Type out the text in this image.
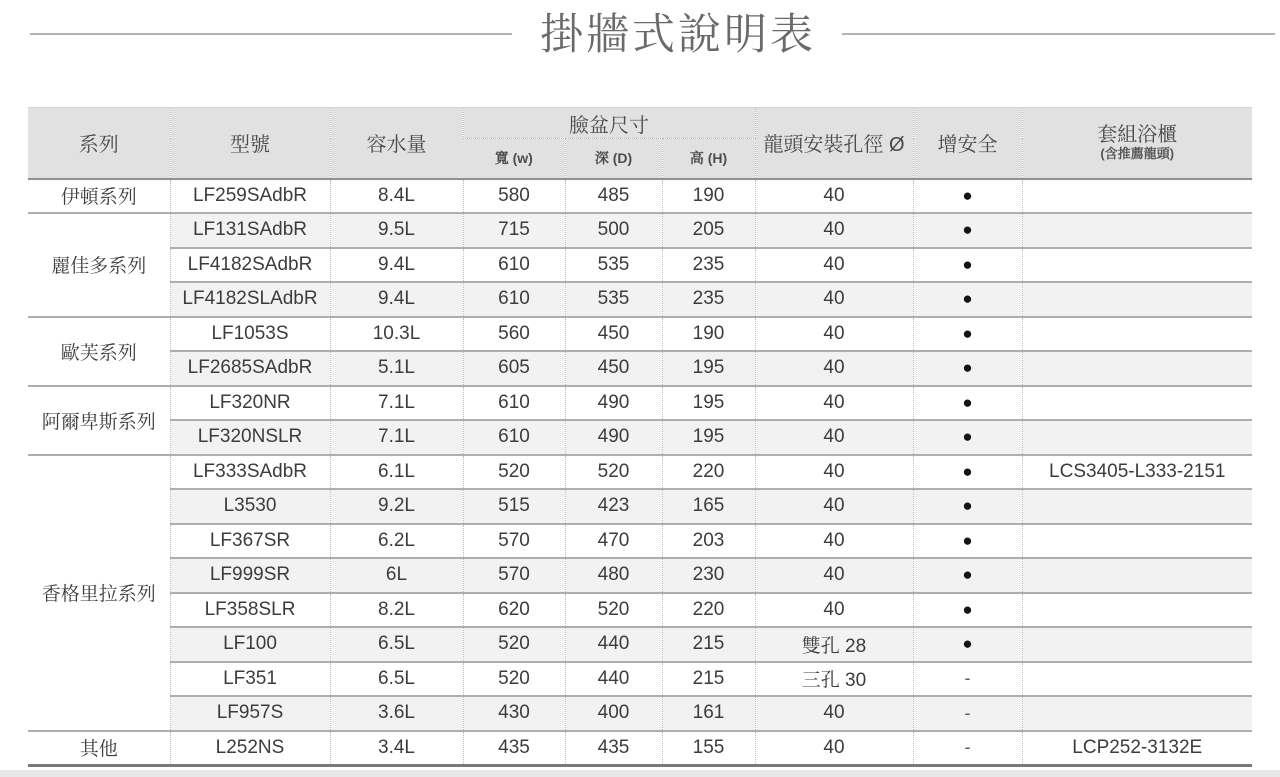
掛牆式說明表
系列	型號	容水量	臉盆尺寸			龍頭安裝孔徑 Ø	增安全	套組浴櫃
(含推薦龍頭)

			寬 (w)	深 (D)	高 (H)			
伊頓系列	LF259SAdbR	8.4L	580	485	190	40	●	
麗佳多系列	LF131SAdbR	9.5L	715	500	205	40	●	
	LF4182SAdbR	9.4L	610	535	235	40	●	
	LF4182SLAdbR	9.4L	610	535	235	40	●	
歐芙系列	LF1053S	10.3L	560	450	190	40	●	
	LF2685SAdbR	5.1L	605	450	195	40	●	
阿爾卑斯系列	LF320NR	7.1L	610	490	195	40	●	
	LF320NSLR	7.1L	610	490	195	40	●	
香格里拉系列	LF333SAdbR	6.1L	520	520	220	40	●	LCS3405-L333-2151
	L3530	9.2L	515	423	165	40	●	
	LF367SR	6.2L	570	470	203	40	●	
	LF999SR	6L	570	480	230	40	●	
	LF358SLR	8.2L	620	520	220	40	●	
	LF100	6.5L	520	440	215	雙孔 28	●	
	LF351	6.5L	520	440	215	三孔 30	-	
	LF957S	3.6L	430	400	161	40	-	
其他	L252NS	3.4L	435	435	155	40	-	LCP252-3132E
